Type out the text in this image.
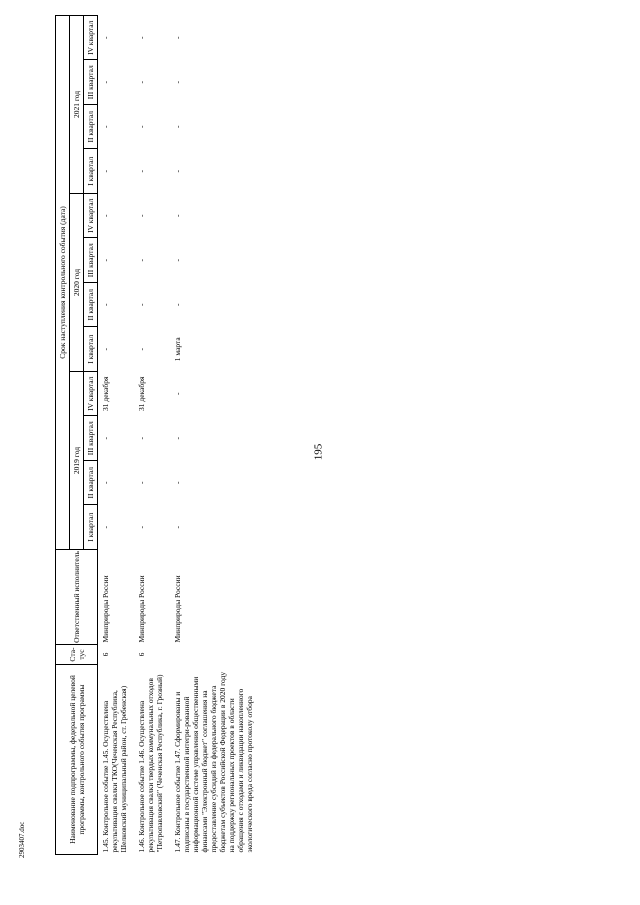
195
2903407.doc	Наименование подпрограммы, федеральной целевой программы, контрольного события программы	Ста-тус	Ответственный исполнитель	Срок наступления контрольного события (дата)											
			2019 год				2020 год				2021 год			
			I квартал	II квартал	III квартал	IV квартал	I квартал	II квартал	III квартал	IV квартал	I квартал	II квартал	III квартал	IV квартал
1.45. Контрольное событие 1.45. Осуществлена рекультивация свалки ТКО(Чеченская Республика, Шелковский муниципальный район, ст. Гребенская)	6	Минприроды России	-	-	-	31 декабря	-	-	-	-	-	-	-	-
1.46. Контрольное событие 1.46. Осуществлена рекультивация свалки твердых коммунальных отходов "Петропавловский" (Чеченская Республика, г. Грозный)	6	Минприроды России	-	-	-	31 декабря	-	-	-	-	-	-	-	-
1.47. Контрольное событие 1.47. Сформированы и подписаны в государственной интегри-рованной информационной системе управления общественными финансами "Электронный бюджет" соглашения на предоставление субсидий из федерального бюджета бюджетам субъектов Российской Федерации в 2020 году на поддержку региональных проектов в области обращения с отходами и ликвидации накопленного экологического вреда согласно протоколу отбора		Минприроды России	-	-	-	-	1 марта	-	-	-	-	-	-	-
